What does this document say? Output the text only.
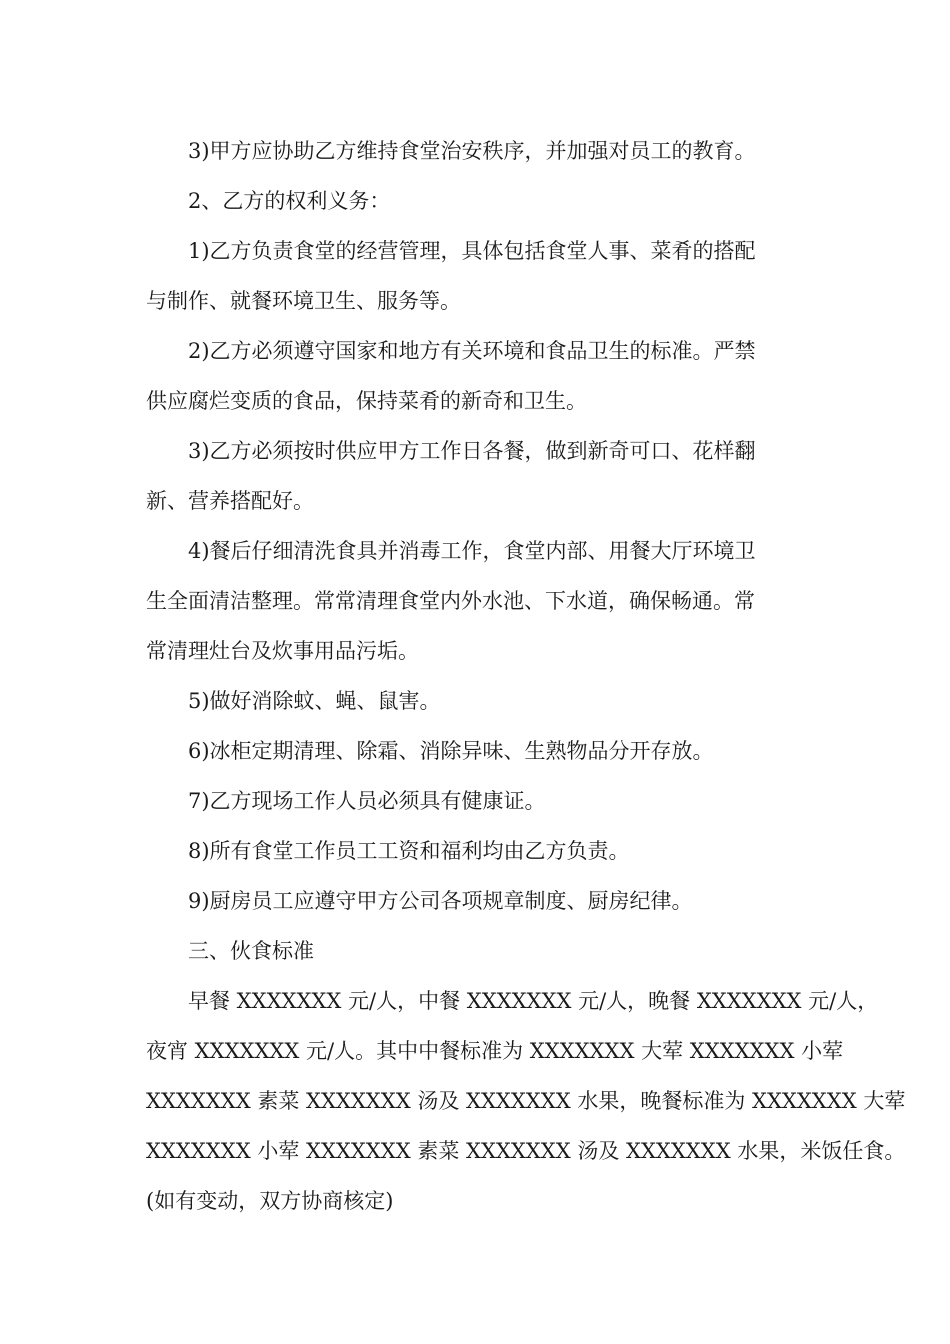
3)甲方应协助乙方维持食堂治安秩序，并加强对员工的教育。
2、乙方的权利义务：
1)乙方负责食堂的经营管理，具体包括食堂人事、菜肴的搭配
与制作、就餐环境卫生、服务等。
2)乙方必须遵守国家和地方有关环境和食品卫生的标准。严禁
供应腐烂变质的食品，保持菜肴的新奇和卫生。
3)乙方必须按时供应甲方工作日各餐，做到新奇可口、花样翻
新、营养搭配好。
4)餐后仔细清洗食具并消毒工作，食堂内部、用餐大厅环境卫
生全面清洁整理。常常清理食堂内外水池、下水道，确保畅通。常
常清理灶台及炊事用品污垢。
5)做好消除蚊、蝇、鼠害。
6)冰柜定期清理、除霜、消除异味、生熟物品分开存放。
7)乙方现场工作人员必须具有健康证。
8)所有食堂工作员工工资和福利均由乙方负责。
9)厨房员工应遵守甲方公司各项规章制度、厨房纪律。
三、伙食标准
早餐 XXXXXXX 元/人，中餐 XXXXXXX 元/人，晚餐 XXXXXXX 元/人，
夜宵 XXXXXXX 元/人。其中中餐标准为 XXXXXXX 大荤 XXXXXXX 小荤
XXXXXXX 素菜 XXXXXXX 汤及 XXXXXXX 水果，晚餐标准为 XXXXXXX 大荤
XXXXXXX 小荤 XXXXXXX 素菜 XXXXXXX 汤及 XXXXXXX 水果，米饭任食。
(如有变动，双方协商核定)
